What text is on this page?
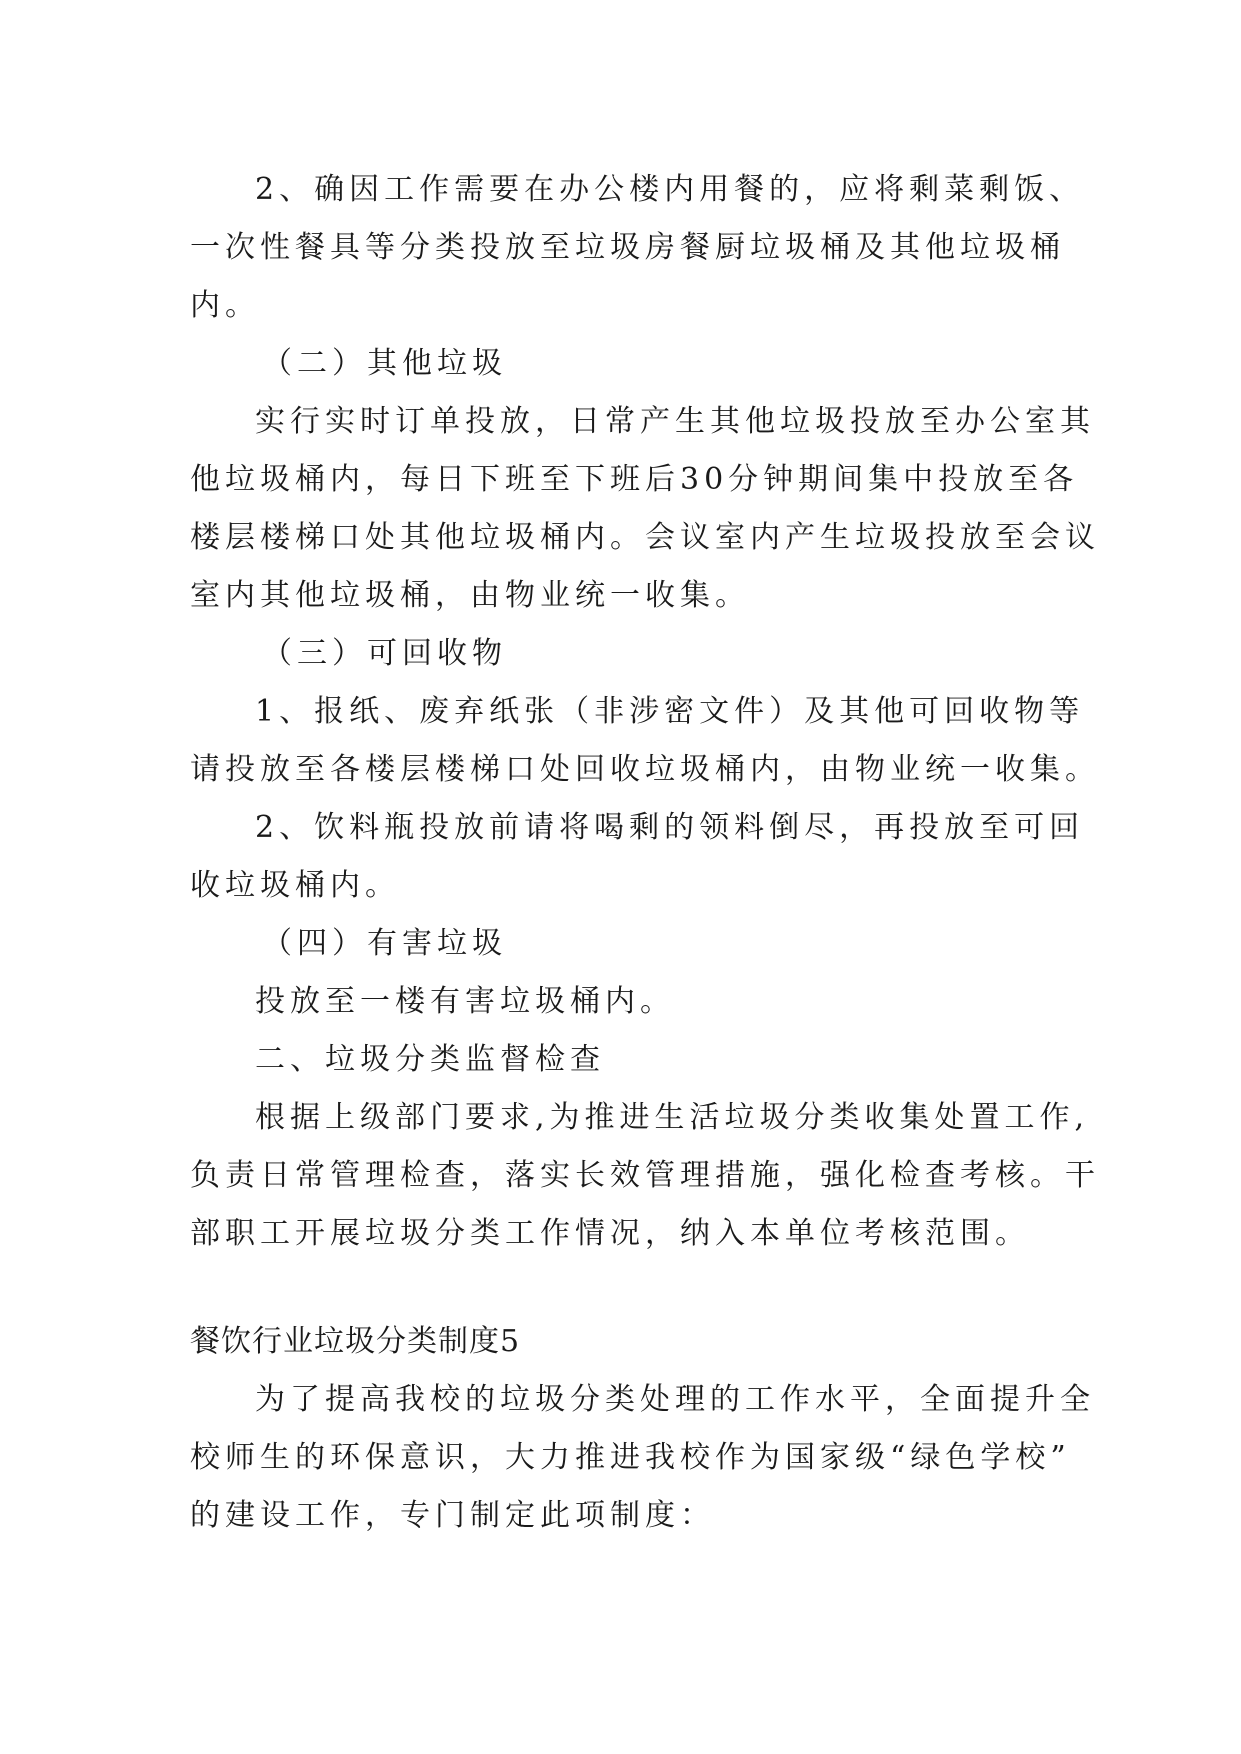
2、确因工作需要在办公楼内用餐的，应将剩菜剩饭、
一次性餐具等分类投放至垃圾房餐厨垃圾桶及其他垃圾桶
内。
（二）其他垃圾
实行实时订单投放，日常产生其他垃圾投放至办公室其
他垃圾桶内，每日下班至下班后30分钟期间集中投放至各
楼层楼梯口处其他垃圾桶内。会议室内产生垃圾投放至会议
室内其他垃圾桶，由物业统一收集。
（三）可回收物
1、报纸、废弃纸张（非涉密文件）及其他可回收物等
请投放至各楼层楼梯口处回收垃圾桶内，由物业统一收集。
2、饮料瓶投放前请将喝剩的领料倒尽，再投放至可回
收垃圾桶内。
（四）有害垃圾
投放至一楼有害垃圾桶内。
二、垃圾分类监督检查
根据上级部门要求,为推进生活垃圾分类收集处置工作,
负责日常管理检查，落实长效管理措施，强化检查考核。干
部职工开展垃圾分类工作情况，纳入本单位考核范围。
餐饮行业垃圾分类制度5
为了提高我校的垃圾分类处理的工作水平，全面提升全
校师生的环保意识，大力推进我校作为国家级“绿色学校”
的建设工作，专门制定此项制度：
